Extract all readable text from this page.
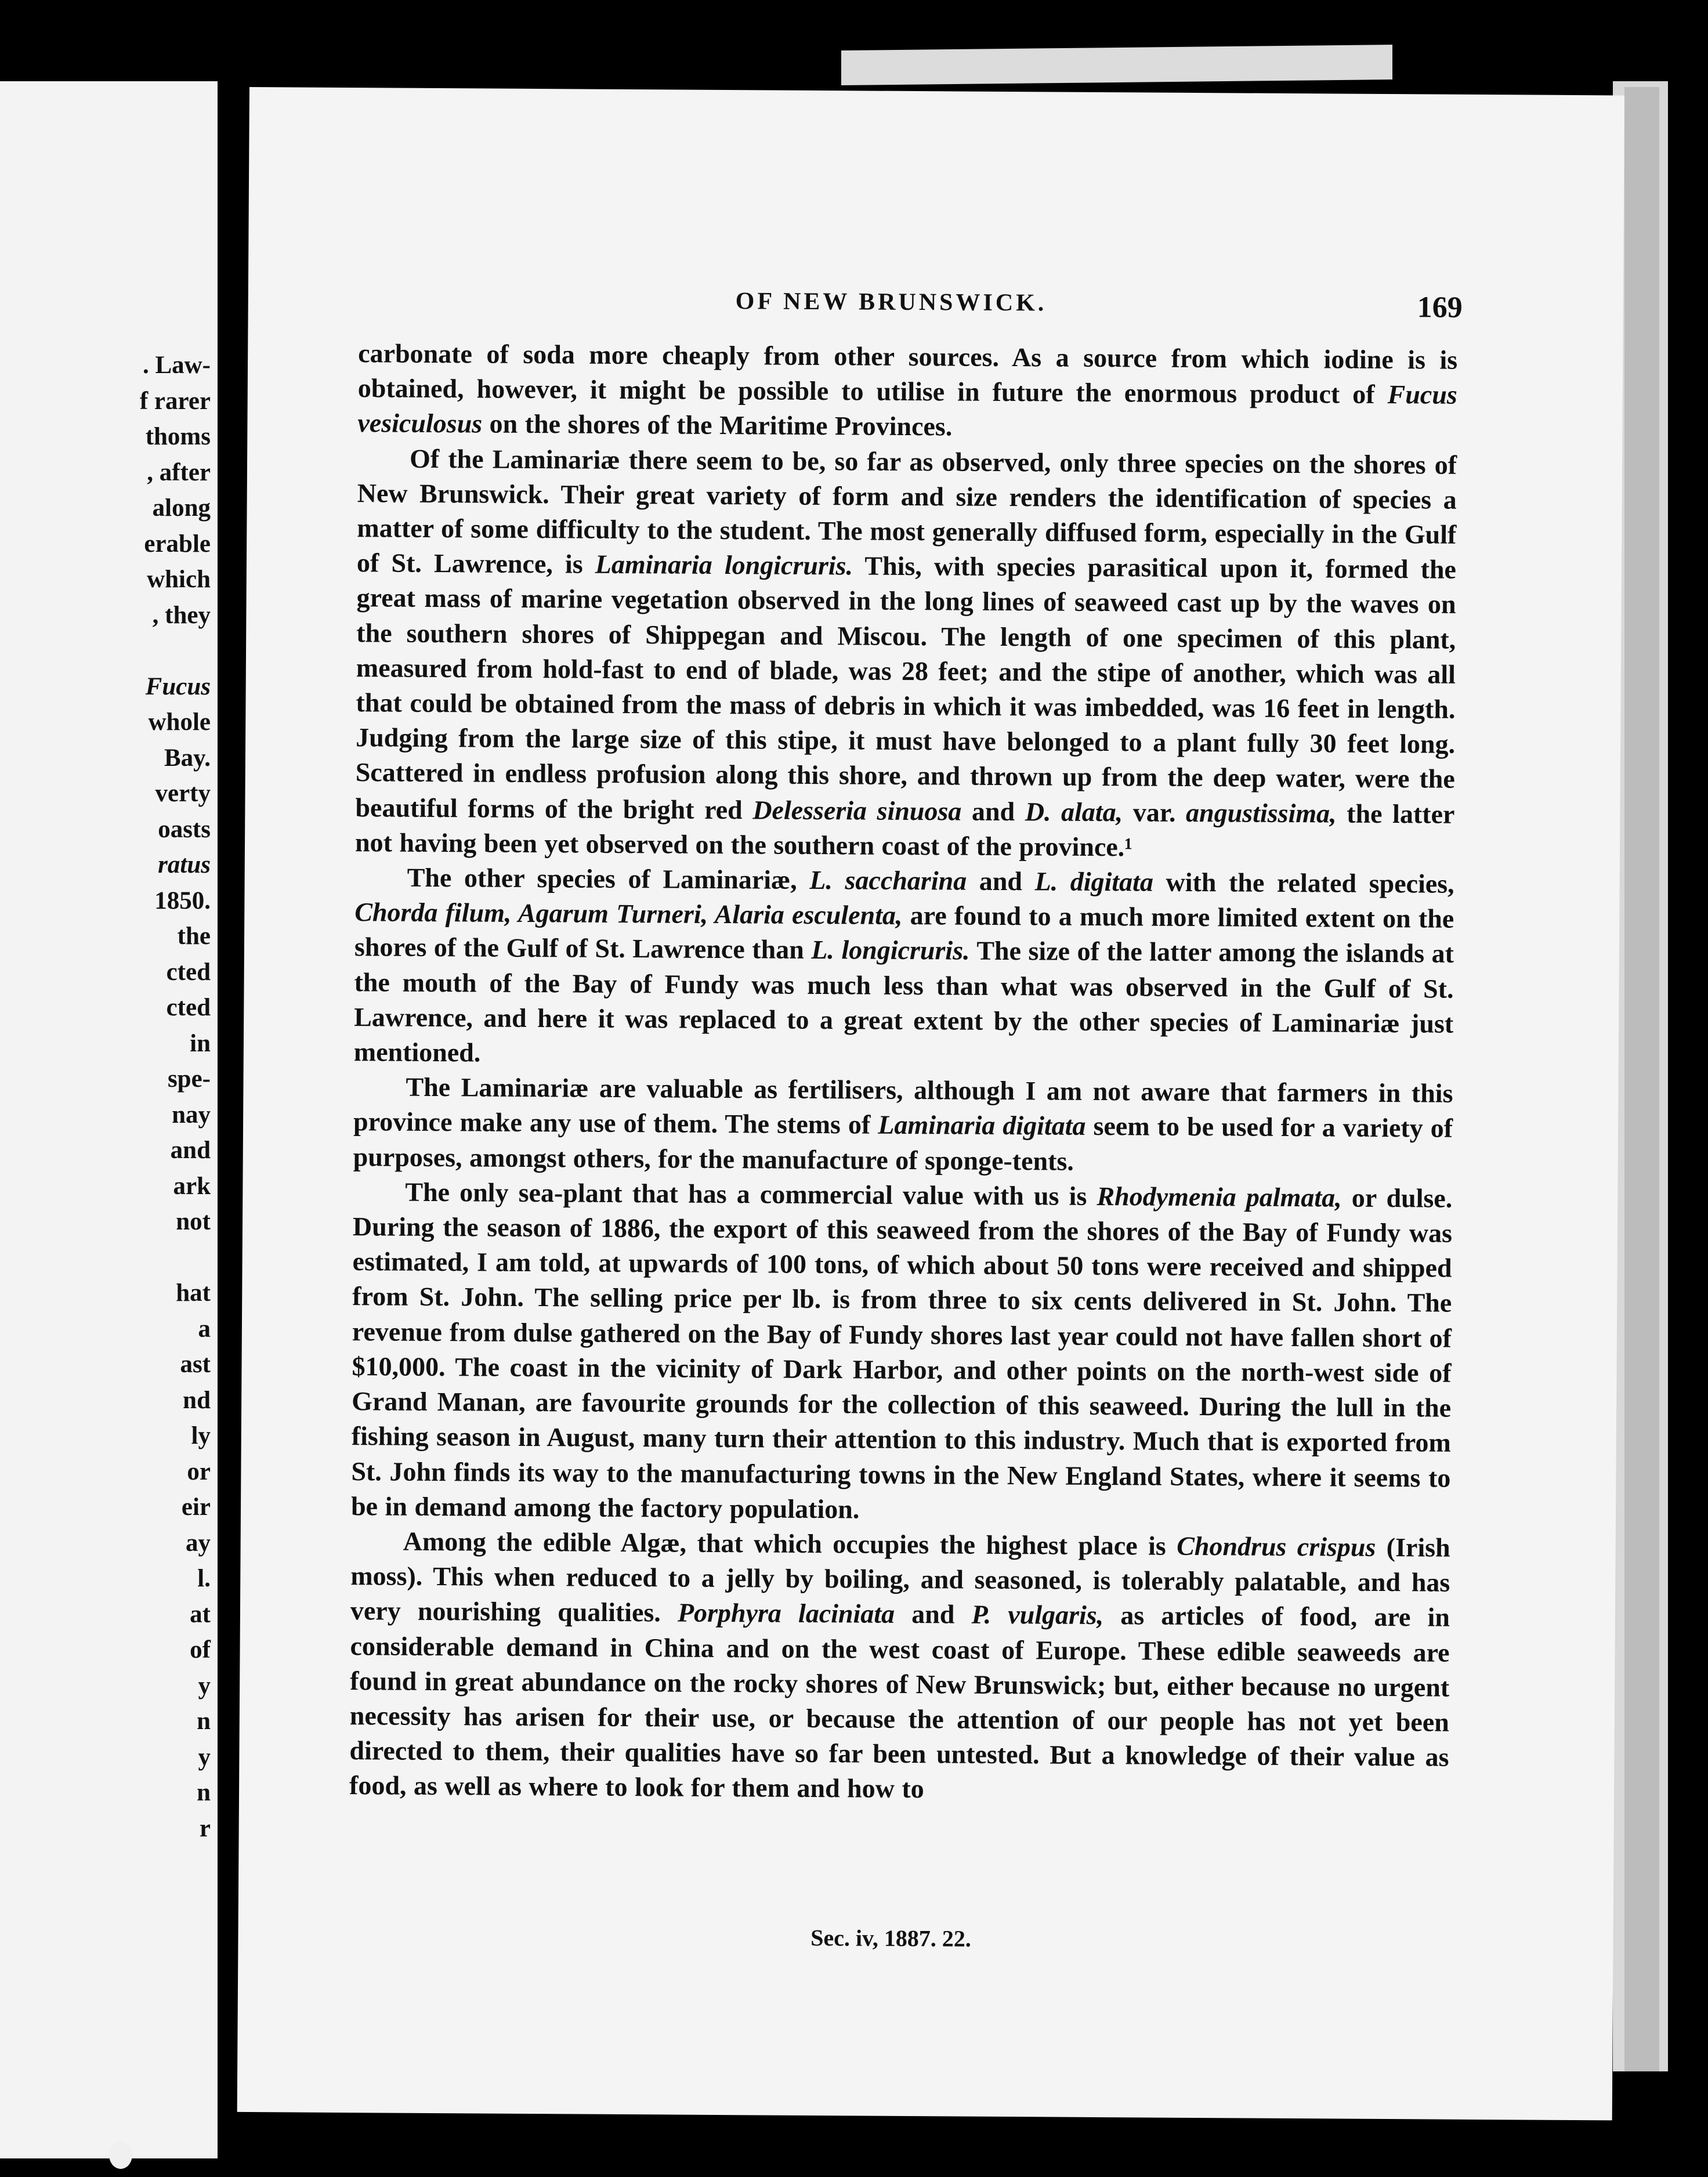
. Law-
f rarer
thoms
, after
along
erable
which
, they
Fucus
whole
Bay.
verty
oasts
ratus
1850.
the
cted
cted
in
spe-
nay
and
ark
not
hat
a
ast
nd
ly
or
eir
ay
l.
at
of
y
n
y
n
r
OF NEW BRUNSWICK.	169

carbonate of soda more cheaply from other sources. As a source from which iodine is is obtained, however, it might be possible to utilise in future the enormous product of Fucus vesiculosus on the shores of the Maritime Provinces.

Of the Laminariæ there seem to be, so far as observed, only three species on the shores of New Brunswick. Their great variety of form and size renders the identification of species a matter of some difficulty to the student. The most generally diffused form, especially in the Gulf of St. Lawrence, is Laminaria longicruris. This, with species parasitical upon it, formed the great mass of marine vegetation observed in the long lines of seaweed cast up by the waves on the southern shores of Shippegan and Miscou. The length of one specimen of this plant, measured from hold-fast to end of blade, was 28 feet; and the stipe of another, which was all that could be obtained from the mass of debris in which it was imbedded, was 16 feet in length. Judging from the large size of this stipe, it must have belonged to a plant fully 30 feet long. Scattered in endless profusion along this shore, and thrown up from the deep water, were the beautiful forms of the bright red Delesseria sinuosa and D. alata, var. angustissima, the latter not having been yet observed on the southern coast of the province.¹

The other species of Laminariæ, L. saccharina and L. digitata with the related species, Chorda filum, Agarum Turneri, Alaria esculenta, are found to a much more limited extent on the shores of the Gulf of St. Lawrence than L. longicruris. The size of the latter among the islands at the mouth of the Bay of Fundy was much less than what was observed in the Gulf of St. Lawrence, and here it was replaced to a great extent by the other species of Laminariæ just mentioned.

The Laminariæ are valuable as fertilisers, although I am not aware that farmers in this province make any use of them. The stems of Laminaria digitata seem to be used for a variety of purposes, amongst others, for the manufacture of sponge-tents.

The only sea-plant that has a commercial value with us is Rhodymenia palmata, or dulse. During the season of 1886, the export of this seaweed from the shores of the Bay of Fundy was estimated, I am told, at upwards of 100 tons, of which about 50 tons were received and shipped from St. John. The selling price per lb. is from three to six cents delivered in St. John. The revenue from dulse gathered on the Bay of Fundy shores last year could not have fallen short of $10,000. The coast in the vicinity of Dark Harbor, and other points on the north-west side of Grand Manan, are favourite grounds for the collection of this seaweed. During the lull in the fishing season in August, many turn their attention to this industry. Much that is exported from St. John finds its way to the manufacturing towns in the New England States, where it seems to be in demand among the factory population.

Among the edible Algæ, that which occupies the highest place is Chondrus crispus (Irish moss). This when reduced to a jelly by boiling, and seasoned, is tolerably palatable, and has very nourishing qualities. Porphyra laciniata and P. vulgaris, as articles of food, are in considerable demand in China and on the west coast of Europe. These edible seaweeds are found in great abundance on the rocky shores of New Brunswick; but, either because no urgent necessity has arisen for their use, or because the attention of our people has not yet been directed to them, their qualities have so far been untested. But a knowledge of their value as food, as well as where to look for them and how to

Sec. iv, 1887. 22.
